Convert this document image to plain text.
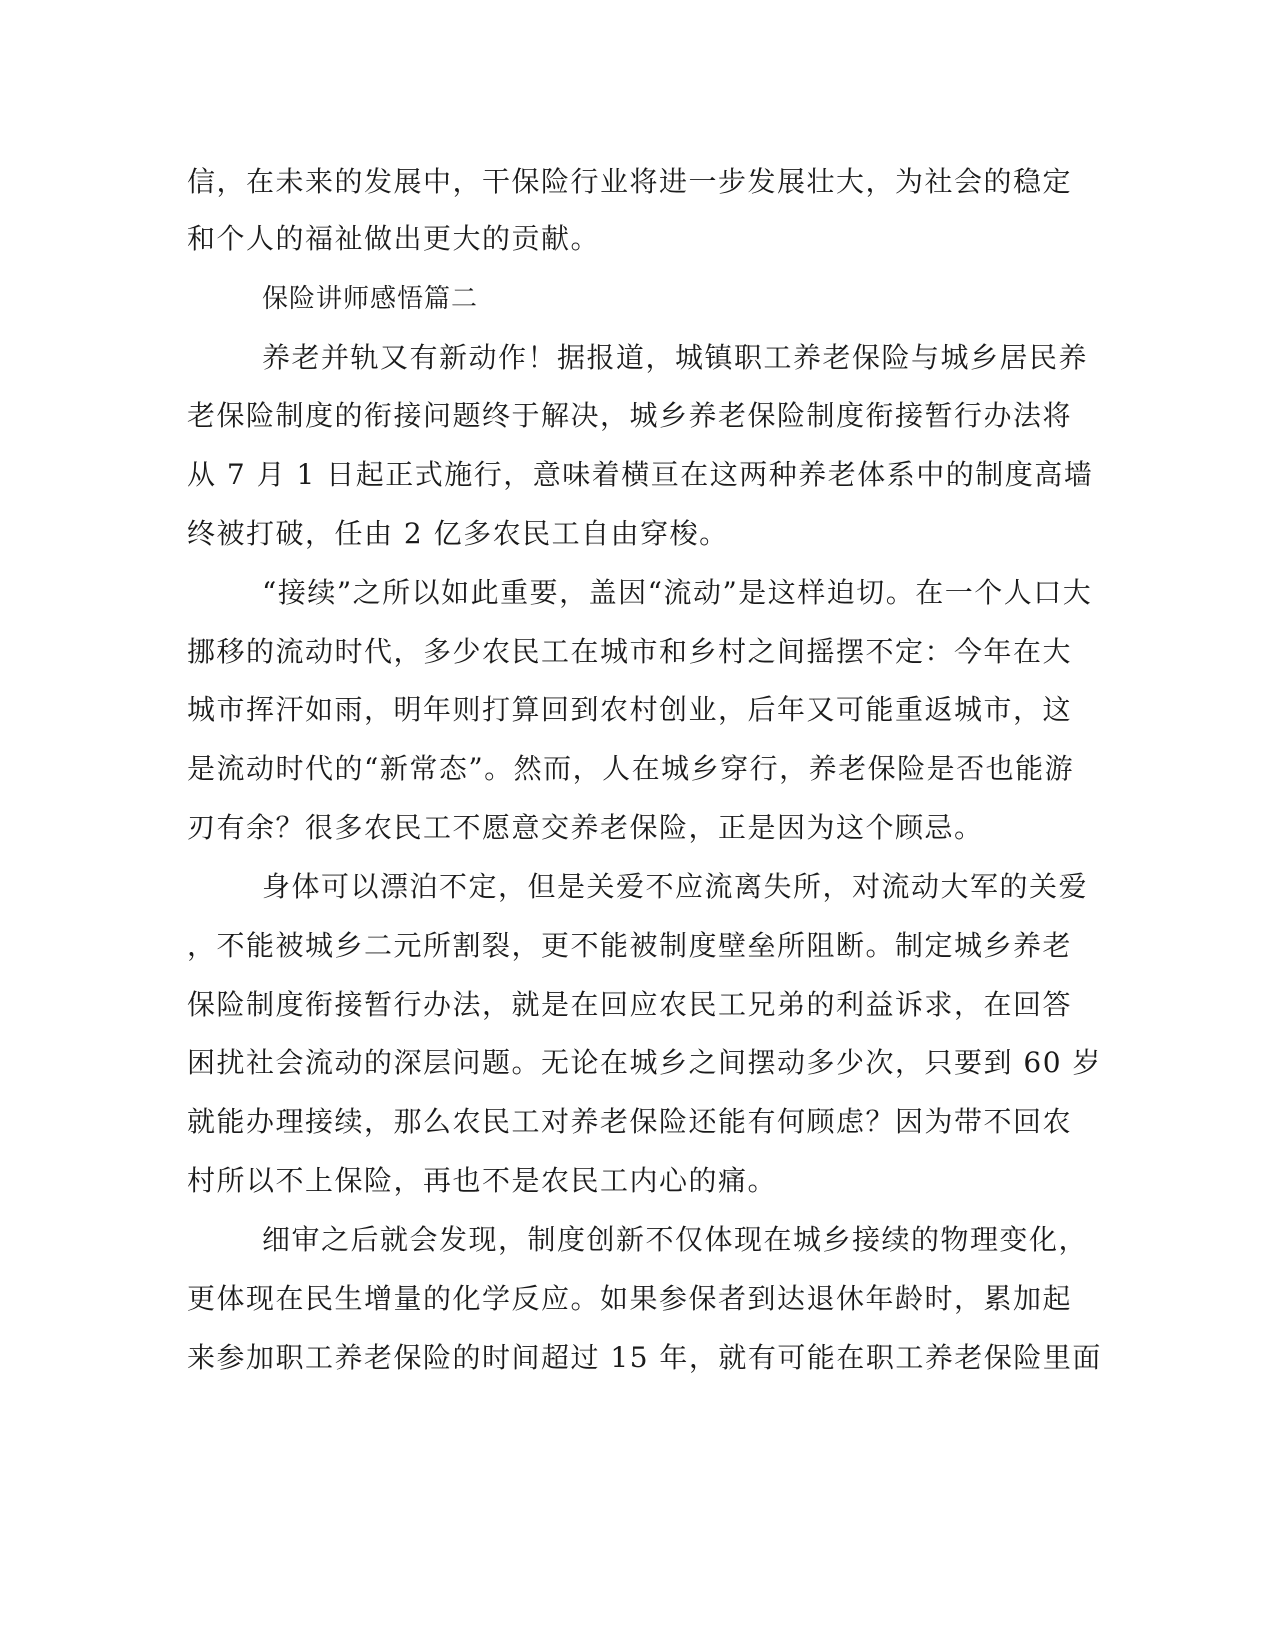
信，在未来的发展中，干保险行业将进一步发展壮大，为社会的稳定
和个人的福祉做出更大的贡献。
保险讲师感悟篇二
养老并轨又有新动作！据报道，城镇职工养老保险与城乡居民养
老保险制度的衔接问题终于解决，城乡养老保险制度衔接暂行办法将
从 7 月 1 日起正式施行，意味着横亘在这两种养老体系中的制度高墙
终被打破，任由 2 亿多农民工自由穿梭。
“接续”之所以如此重要，盖因“流动”是这样迫切。在一个人口大
挪移的流动时代，多少农民工在城市和乡村之间摇摆不定：今年在大
城市挥汗如雨，明年则打算回到农村创业，后年又可能重返城市，这
是流动时代的“新常态”。然而，人在城乡穿行，养老保险是否也能游
刃有余？很多农民工不愿意交养老保险，正是因为这个顾忌。
身体可以漂泊不定，但是关爱不应流离失所，对流动大军的关爱
，不能被城乡二元所割裂，更不能被制度壁垒所阻断。制定城乡养老
保险制度衔接暂行办法，就是在回应农民工兄弟的利益诉求，在回答
困扰社会流动的深层问题。无论在城乡之间摆动多少次，只要到 60 岁
就能办理接续，那么农民工对养老保险还能有何顾虑？因为带不回农
村所以不上保险，再也不是农民工内心的痛。
细审之后就会发现，制度创新不仅体现在城乡接续的物理变化，
更体现在民生增量的化学反应。如果参保者到达退休年龄时，累加起
来参加职工养老保险的时间超过 15 年，就有可能在职工养老保险里面
